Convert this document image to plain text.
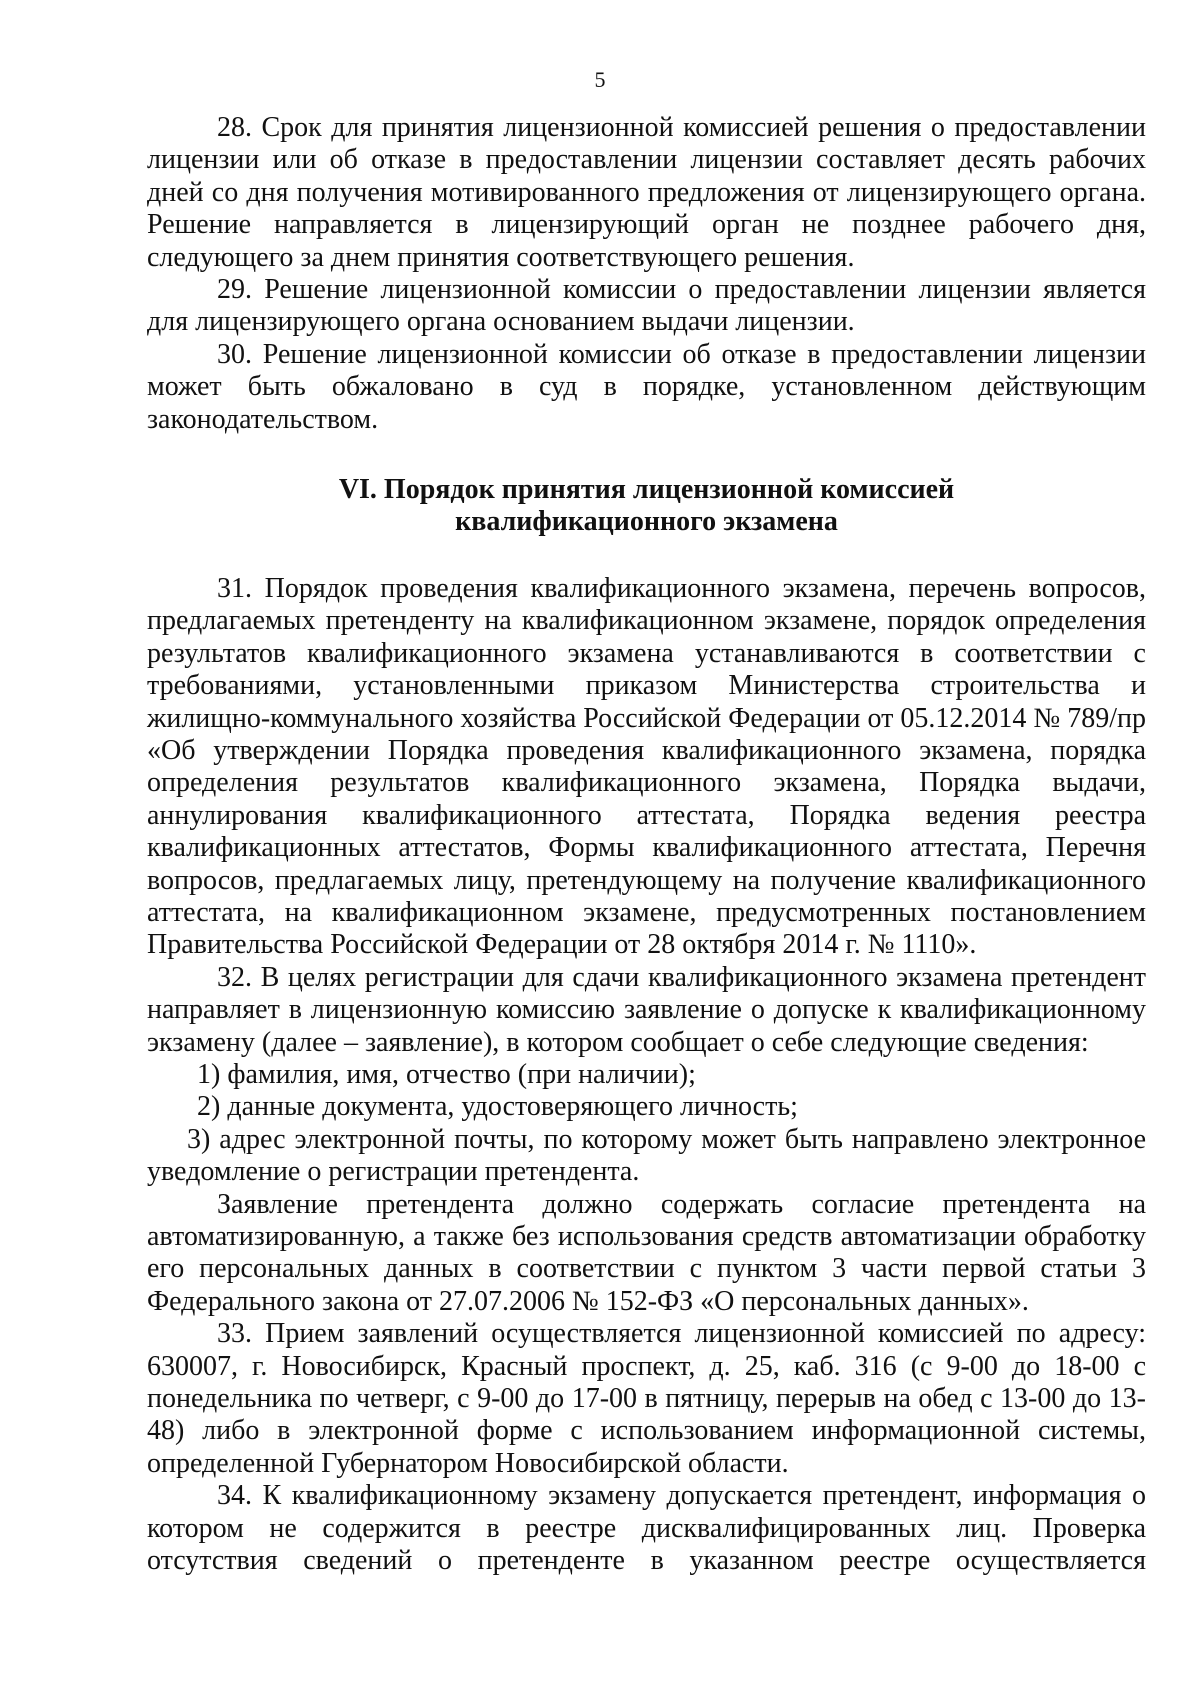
5

28. Срок для принятия лицензионной комиссией решения о предоставлении лицензии или об отказе в предоставлении лицензии составляет десять рабочих дней со дня получения мотивированного предложения от лицензирующего органа. Решение направляется в лицензирующий орган не позднее рабочего дня, следующего за днем принятия соответствующего решения.

29. Решение лицензионной комиссии о предоставлении лицензии является для лицензирующего органа основанием выдачи лицензии.

30. Решение лицензионной комиссии об отказе в предоставлении лицензии может быть обжаловано в суд в порядке, установленном действующим законодательством.

VI. Порядок принятия лицензионной комиссией квалификационного экзамена

31. Порядок проведения квалификационного экзамена, перечень вопросов, предлагаемых претенденту на квалификационном экзамене, порядок определения результатов квалификационного экзамена устанавливаются в соответствии с требованиями, установленными приказом Министерства строительства и жилищно-коммунального хозяйства Российской Федерации от 05.12.2014 № 789/пр «Об утверждении Порядка проведения квалификационного экзамена, порядка определения результатов квалификационного экзамена, Порядка выдачи, аннулирования квалификационного аттестата, Порядка ведения реестра квалификационных аттестатов, Формы квалификационного аттестата, Перечня вопросов, предлагаемых лицу, претендующему на получение квалификационного аттестата, на квалификационном экзамене, предусмотренных постановлением Правительства Российской Федерации от 28 октября 2014 г. № 1110».

32. В целях регистрации для сдачи квалификационного экзамена претендент направляет в лицензионную комиссию заявление о допуске к квалификационному экзамену (далее – заявление), в котором сообщает о себе следующие сведения:

1) фамилия, имя, отчество (при наличии);

2) данные документа, удостоверяющего личность;

3) адрес электронной почты, по которому может быть направлено электронное уведомление о регистрации претендента.

Заявление претендента должно содержать согласие претендента на автоматизированную, а также без использования средств автоматизации обработку его персональных данных в соответствии с пунктом 3 части первой статьи 3 Федерального закона от 27.07.2006 № 152-ФЗ «О персональных данных».

33. Прием заявлений осуществляется лицензионной комиссией по адресу: 630007, г. Новосибирск, Красный проспект, д. 25, каб. 316 (с 9-00 до 18-00 с понедельника по четверг, с 9-00 до 17-00 в пятницу, перерыв на обед с 13-00 до 13-48) либо в электронной форме с использованием информационной системы, определенной Губернатором Новосибирской области.

34. К квалификационному экзамену допускается претендент, информация о котором не содержится в реестре дисквалифицированных лиц. Проверка отсутствия сведений о претенденте в указанном реестре осуществляется
